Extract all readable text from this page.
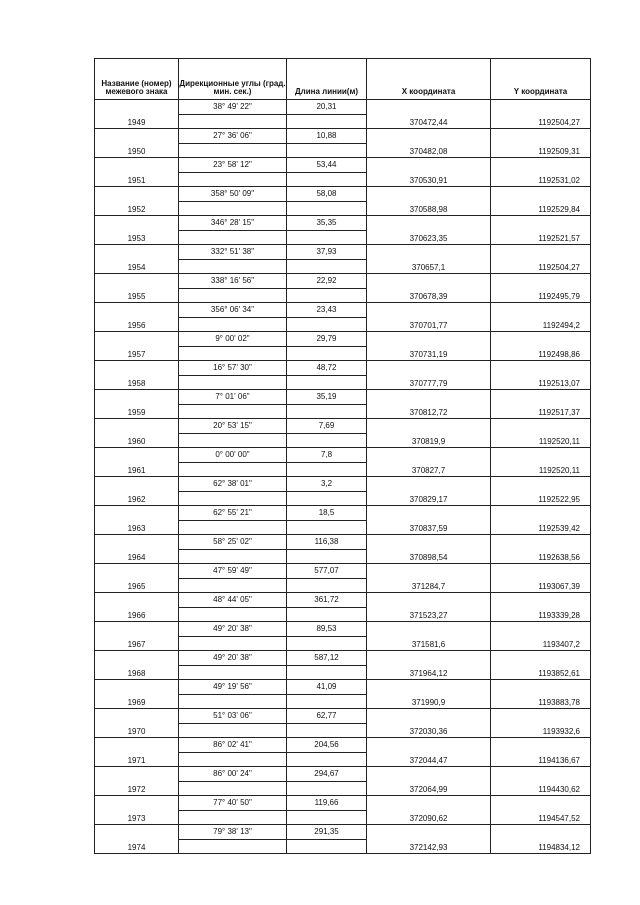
Название (номер) межевого знака	Дирекционные углы (град. мин. сек.)	Длина линии(м)	X координата	Y координата
	38° 49' 22"	20,31		
1949			370472,44	1192504,27
	27° 36' 06"	10,88		
1950			370482,08	1192509,31
	23° 58' 12"	53,44		
1951			370530,91	1192531,02
	358° 50' 09"	58,08		
1952			370588,98	1192529,84
	346° 28' 15"	35,35		
1953			370623,35	1192521,57
	332° 51' 38"	37,93		
1954			370657,1	1192504,27
	338° 16' 56"	22,92		
1955			370678,39	1192495,79
	356° 06' 34"	23,43		
1956			370701,77	1192494,2
	9° 00' 02"	29,79		
1957			370731,19	1192498,86
	16° 57' 30"	48,72		
1958			370777,79	1192513,07
	7° 01' 06"	35,19		
1959			370812,72	1192517,37
	20° 53' 15"	7,69		
1960			370819,9	1192520,11
	0° 00' 00"	7,8		
1961			370827,7	1192520,11
	62° 38' 01"	3,2		
1962			370829,17	1192522,95
	62° 55' 21"	18,5		
1963			370837,59	1192539,42
	58° 25' 02"	116,38		
1964			370898,54	1192638,56
	47° 59' 49"	577,07		
1965			371284,7	1193067,39
	48° 44' 05"	361,72		
1966			371523,27	1193339,28
	49° 20' 38"	89,53		
1967			371581,6	1193407,2
	49° 20' 38"	587,12		
1968			371964,12	1193852,61
	49° 19' 56"	41,09		
1969			371990,9	1193883,78
	51° 03' 06"	62,77		
1970			372030,36	1193932,6
	86° 02' 41"	204,56		
1971			372044,47	1194136,67
	86° 00' 24"	294,67		
1972			372064,99	1194430,62
	77° 40' 50"	119,66		
1973			372090,62	1194547,52
	79° 38' 13"	291,35		
1974			372142,93	1194834,12
